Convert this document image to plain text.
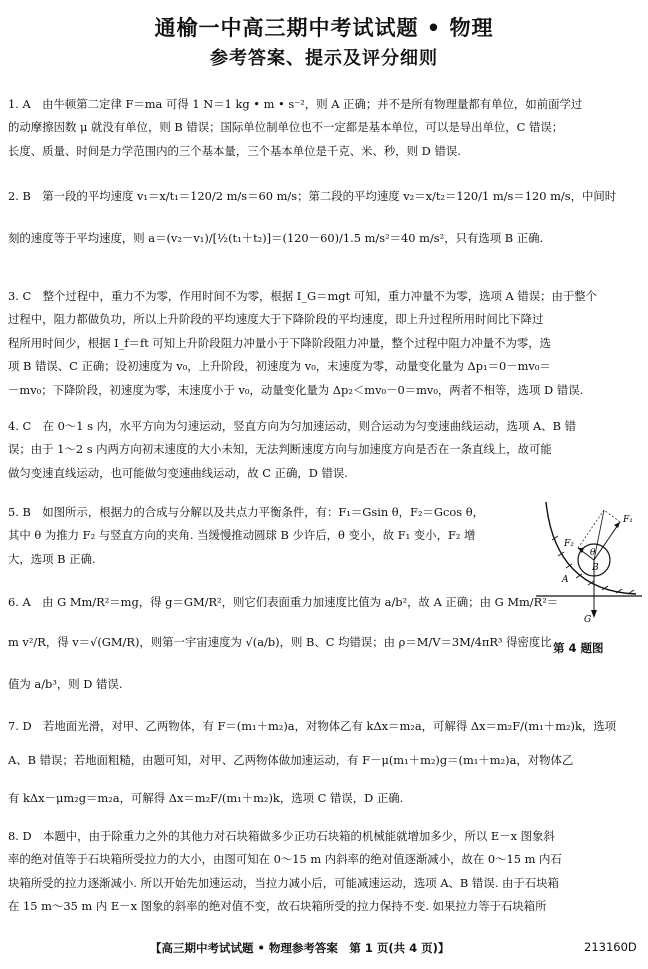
通榆一中高三期中考试试题 • 物理
参考答案、提示及评分细则
1. A　由牛顿第二定律 F＝ma 可得 1 N＝1 kg • m • s⁻²，则 A 正确；并不是所有物理量都有单位，如前面学过
的动摩擦因数 μ 就没有单位，则 B 错误；国际单位制单位也不一定都是基本单位，可以是导出单位，C 错误；
长度、质量、时间是力学范围内的三个基本量，三个基本单位是千克、米、秒，则 D 错误.
2. B　第一段的平均速度 v₁＝x/t₁＝120/2 m/s＝60 m/s；第二段的平均速度 v₂＝x/t₂＝120/1 m/s＝120 m/s，中间时
刻的速度等于平均速度，则 a＝(v₂－v₁)/[½(t₁＋t₂)]＝(120－60)/1.5 m/s²＝40 m/s²，只有选项 B 正确.
3. C　整个过程中，重力不为零，作用时间不为零，根据 I_G＝mgt 可知，重力冲量不为零，选项 A 错误；由于整个
过程中，阻力都做负功，所以上升阶段的平均速度大于下降阶段的平均速度，即上升过程所用时间比下降过
程所用时间少，根据 I_f＝ft 可知上升阶段阻力冲量小于下降阶段阻力冲量，整个过程中阻力冲量不为零，选
项 B 错误、C 正确；设初速度为 v₀，上升阶段，初速度为 v₀，末速度为零，动量变化量为 Δp₁＝0－mv₀＝
－mv₀；下降阶段，初速度为零，末速度小于 v₀，动量变化量为 Δp₂＜mv₀－0＝mv₀，两者不相等，选项 D 错误.
4. C　在 0～1 s 内，水平方向为匀速运动，竖直方向为匀加速运动，则合运动为匀变速曲线运动，选项 A、B 错
误；由于 1～2 s 内两方向初末速度的大小未知，无法判断速度方向与加速度方向是否在一条直线上，故可能
做匀变速直线运动，也可能做匀变速曲线运动，故 C 正确，D 错误.
5. B　如图所示，根据力的合成与分解以及共点力平衡条件，有：F₁＝Gsin θ，F₂＝Gcos θ，
其中 θ 为推力 F₂ 与竖直方向的夹角. 当缓慢推动圆球 B 少许后，θ 变小，故 F₁ 变小，F₂ 增
大，选项 B 正确.
6. A　由 G Mm/R²＝mg，得 g＝GM/R²，则它们表面重力加速度比值为 a/b²，故 A 正确；由 G Mm/R²＝
m v²/R，得 v＝√(GM/R)，则第一宇宙速度为 √(a/b)，则 B、C 均错误；由 ρ＝M/V＝3M/4πR³ 得密度比
值为 a/b³，则 D 错误.
7. D　若地面光滑，对甲、乙两物体，有 F＝(m₁＋m₂)a，对物体乙有 kΔx＝m₂a，可解得 Δx＝m₂F/(m₁＋m₂)k，选项
A、B 错误；若地面粗糙，由题可知，对甲、乙两物体做加速运动，有 F－μ(m₁＋m₂)g＝(m₁＋m₂)a，对物体乙
有 kΔx－μm₂g＝m₂a，可解得 Δx＝m₂F/(m₁＋m₂)k，选项 C 错误，D 正确.
8. D　本题中，由于除重力之外的其他力对石块箱做多少正功石块箱的机械能就增加多少，所以 E－x 图象斜
率的绝对值等于石块箱所受拉力的大小，由图可知在 0～15 m 内斜率的绝对值逐渐减小，故在 0～15 m 内石
块箱所受的拉力逐渐减小. 所以开始先加速运动，当拉力减小后，可能减速运动，选项 A、B 错误. 由于石块箱
在 15 m～35 m 内 E－x 图象的斜率的绝对值不变，故石块箱所受的拉力保持不变. 如果拉力等于石块箱所
F₁
F₂
θ
A
B
G
第 4 题图
【高三期中考试试题 • 物理参考答案　第 1 页(共 4 页)】	213160D
